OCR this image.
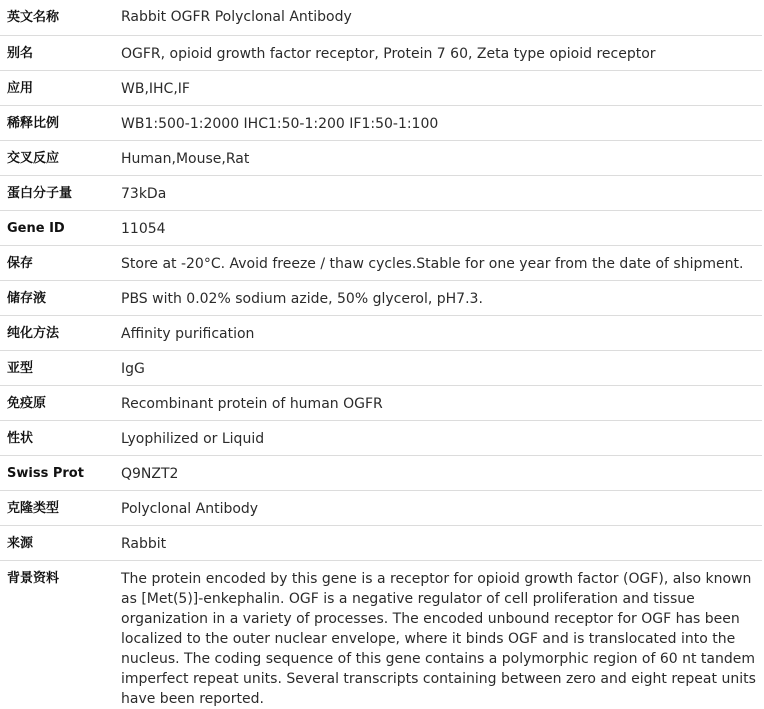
英文名称	Rabbit OGFR Polyclonal Antibody
别名	OGFR, opioid growth factor receptor, Protein 7 60, Zeta type opioid receptor
应用	WB,IHC,IF
稀释比例	WB1:500-1:2000 IHC1:50-1:200 IF1:50-1:100
交叉反应	Human,Mouse,Rat
蛋白分子量	73kDa
Gene ID	11054
保存	Store at -20°C. Avoid freeze / thaw cycles.Stable for one year from the date of shipment.
储存液	PBS with 0.02% sodium azide, 50% glycerol, pH7.3.
纯化方法	Affinity purification
亚型	IgG
免疫原	Recombinant protein of human OGFR
性状	Lyophilized or Liquid
Swiss Prot	Q9NZT2
克隆类型	Polyclonal Antibody
来源	Rabbit
背景资料	The protein encoded by this gene is a receptor for opioid growth factor (OGF), also known as [Met(5)]-enkephalin. OGF is a negative regulator of cell proliferation and tissue organization in a variety of processes. The encoded unbound receptor for OGF has been localized to the outer nuclear envelope, where it binds OGF and is translocated into the nucleus. The coding sequence of this gene contains a polymorphic region of 60 nt tandem imperfect repeat units. Several transcripts containing between zero and eight repeat units have been reported.
